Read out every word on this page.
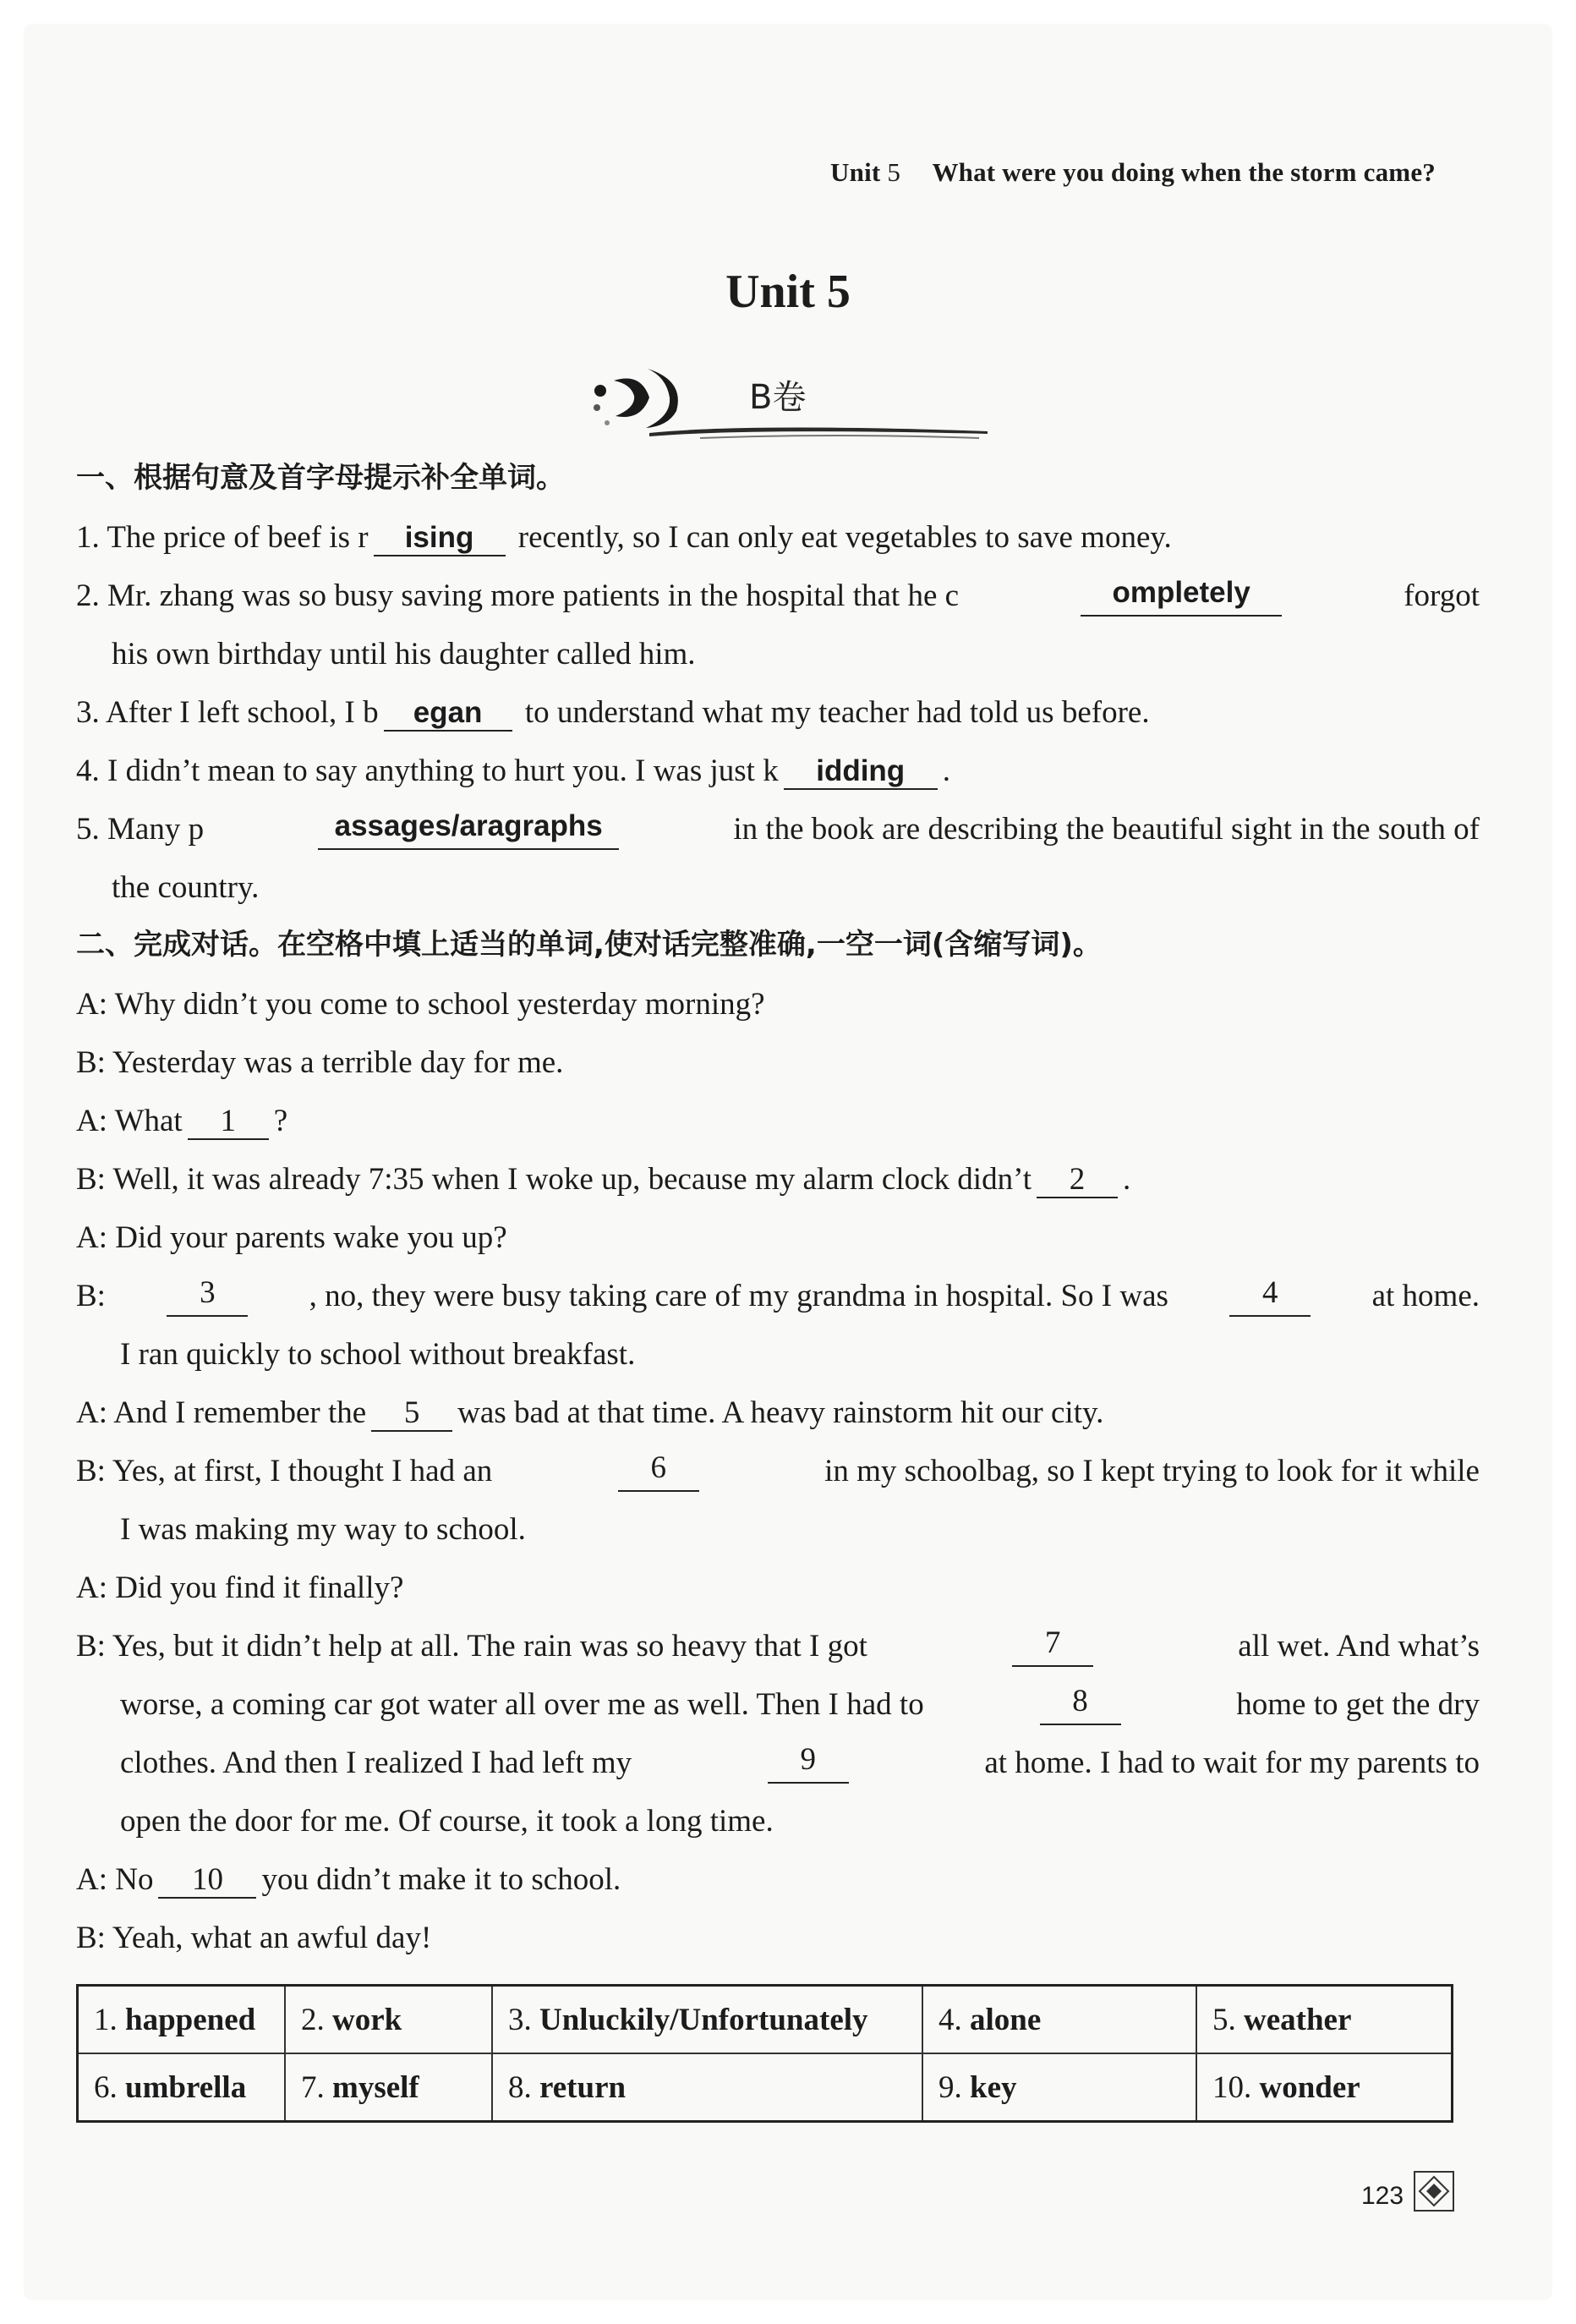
Unit 5 What were you doing when the storm came?
Unit 5
B卷
一、根据句意及首字母提示补全单词。
1. The price of beef is r ising recently, so I can only eat vegetables to save money.
2. Mr. zhang was so busy saving more patients in the hospital that he c	ompletely	forgot
his own birthday until his daughter called him.
3. After I left school, I b egan to understand what my teacher had told us before.
4. I didn’t mean to say anything to hurt you. I was just k idding .
5. Many p	assages/aragraphs	in the book are describing the beautiful sight in the south of
the country.
二、完成对话。在空格中填上适当的单词,使对话完整准确,一空一词(含缩写词)。
A: Why didn’t you come to school yesterday morning?
B: Yesterday was a terrible day for me.
A: What 1 ?
B: Well, it was already 7:35 when I woke up, because my alarm clock didn’t 2 .
A: Did your parents wake you up?
B:	3	, no, they were busy taking care of my grandma in hospital. So I was	4	at home.
I ran quickly to school without breakfast.
A: And I remember the 5 was bad at that time. A heavy rainstorm hit our city.
B: Yes, at first, I thought I had an	6	in my schoolbag, so I kept trying to look for it while
I was making my way to school.
A: Did you find it finally?
B: Yes, but it didn’t help at all. The rain was so heavy that I got	7	all wet. And what’s
worse, a coming car got water all over me as well. Then I had to	8	home to get the dry
clothes. And then I realized I had left my	9	at home. I had to wait for my parents to
open the door for me. Of course, it took a long time.
A: No 10 you didn’t make it to school.
B: Yeah, what an awful day!
1. happened	2. work	3. Unluckily/Unfortunately	4. alone	5. weather
6. umbrella	7. myself	8. return	9. key	10. wonder
123
